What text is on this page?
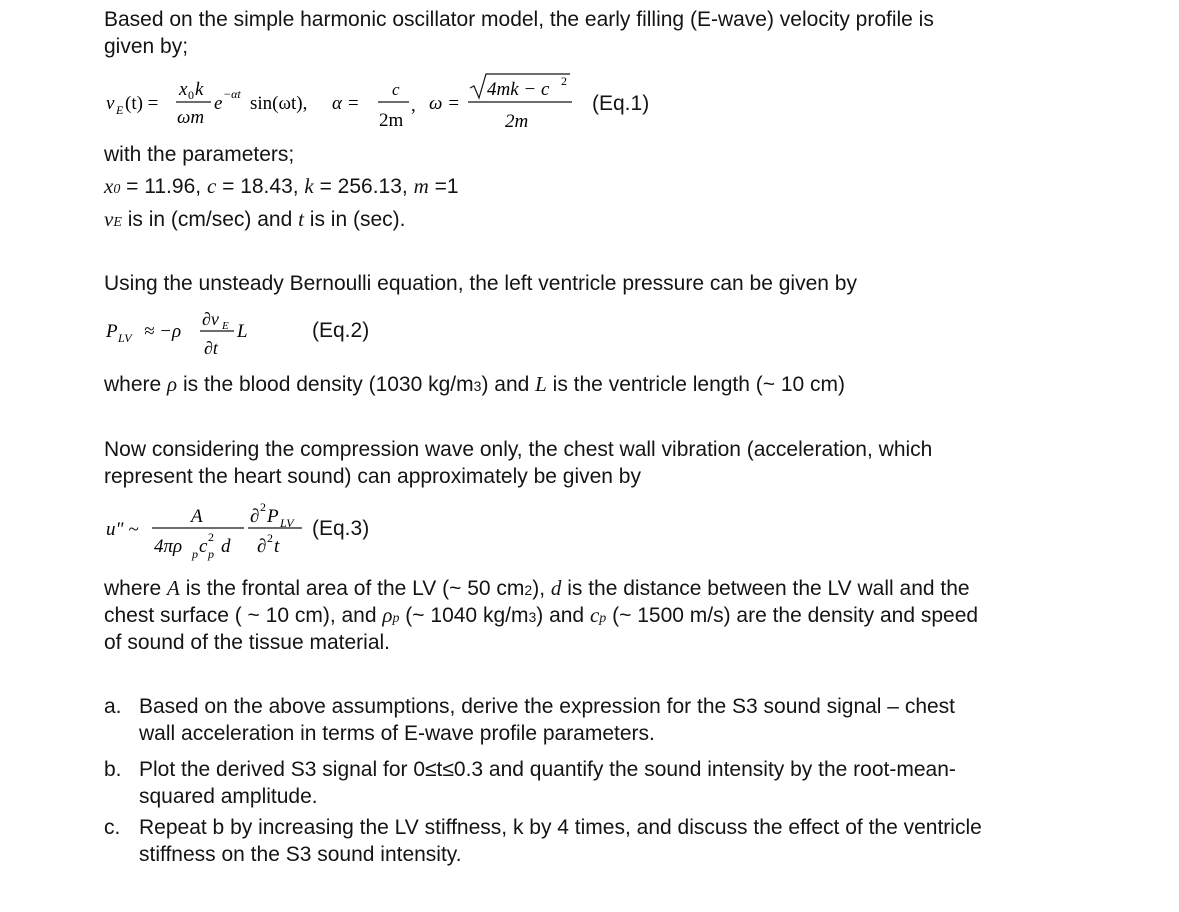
Based on the simple harmonic oscillator model, the early filling (E-wave) velocity profile is
given by;
v E (t) =
x 0 k
ωm
e −αt sin(ωt), α =
c
2m
, ω =
4mk − c 2
2m
(Eq.1)
with the parameters;
x0 = 11.96, c = 18.43, k = 256.13, m =1
vE is in (cm/sec) and t is in (sec).
Using the unsteady Bernoulli equation, the left ventricle pressure can be given by
P LV ≈ −ρ
∂v E
∂t
L	(Eq.2)
where ρ is the blood density (1030 kg/m3) and L is the ventricle length (~ 10 cm)
Now considering the compression wave only, the chest wall vibration (acceleration, which
represent the heart sound) can approximately be given by
u" ~
A
4πρ p c p
2 d
∂ 2 P LV
∂ 2 t
(Eq.3)
where A is the frontal area of the LV (~ 50 cm2), d is the distance between the LV wall and the
chest surface ( ~ 10 cm), and ρp (~ 1040 kg/m3) and cp (~ 1500 m/s) are the density and speed
of sound of the tissue material.
a. Based on the above assumptions, derive the expression for the S3 sound signal – chest
wall acceleration in terms of E-wave profile parameters.
b. Plot the derived S3 signal for 0≤t≤0.3 and quantify the sound intensity by the root-mean-
squared amplitude.
c. Repeat b by increasing the LV stiffness, k by 4 times, and discuss the effect of the ventricle
stiffness on the S3 sound intensity.
